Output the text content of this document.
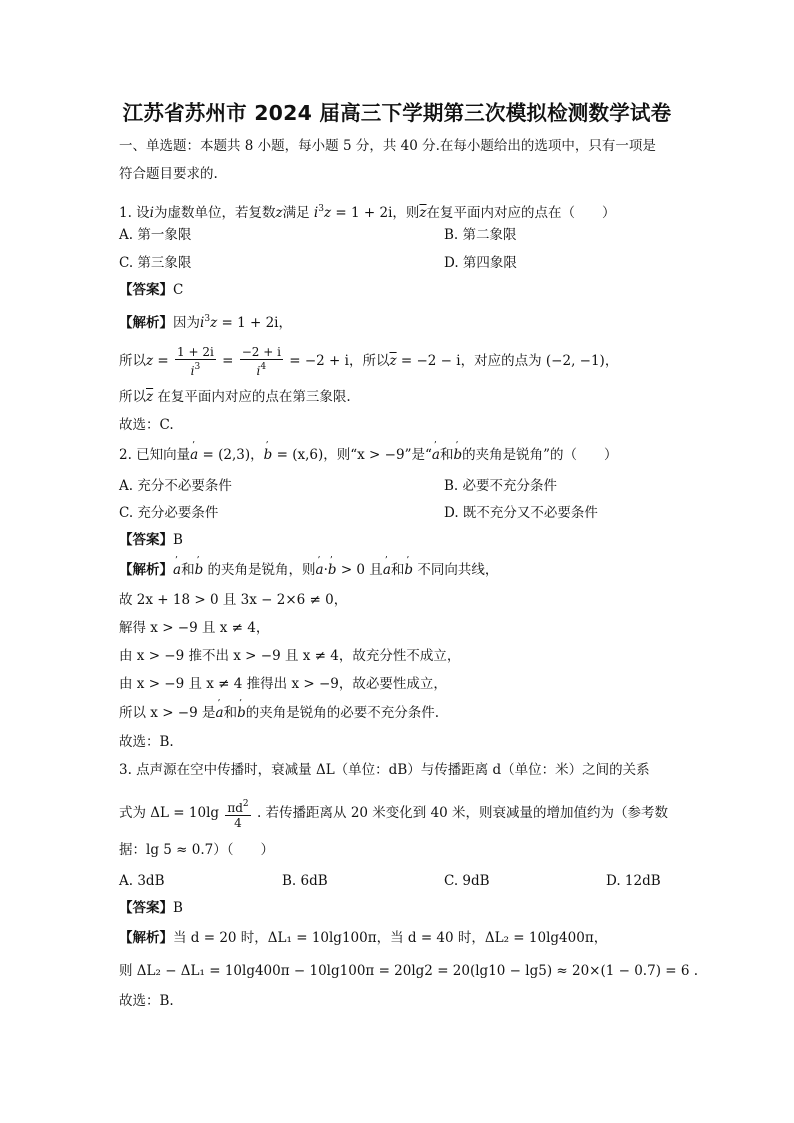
江苏省苏州市 2024 届高三下学期第三次模拟检测数学试卷
一、单选题：本题共 8 小题，每小题 5 分，共 40 分.在每小题给出的选项中，只有一项是
符合题目要求的.
1. 设i为虚数单位，若复数z满足 $i^3z = 1 + 2i$，则$\overline{z}$在复平面内对应的点在（　　）
A. 第一象限	B. 第二象限
C. 第三象限	D. 第四象限
【答案】C
【解析】因为$i^3z = 1 + 2i$，
所以$z = \frac{1 + 2i}{i^3} = \frac{-2 + i}{i^4} = -2 + i$，所以$\overline{z} = -2 - i$，对应的点为 (−2, −1)，
所以$\overline{z}$ 在复平面内对应的点在第三象限.
故选：C.
2. 已知向量’ a = (2,3)，’ b = (x,6)，则“x > −9”是“’ a和’ b的夹角是锐角”的（　　）
A. 充分不必要条件	B. 必要不充分条件
C. 充分必要条件	D. 既不充分又不必要条件
【答案】B
【解析】’ a和’ b 的夹角是锐角，则’ a·’ b > 0 且’ a和’ b 不同向共线，
故 2x + 18 > 0 且 3x − 2×6 ≠ 0，
解得 x > −9 且 x ≠ 4，
由 x > −9 推不出 x > −9 且 x ≠ 4，故充分性不成立，
由 x > −9 且 x ≠ 4 推得出 x > −9，故必要性成立，
所以 x > −9 是’ a和’ b的夹角是锐角的必要不充分条件.
故选：B.
3. 点声源在空中传播时，衰减量 ΔL（单位：dB）与传播距离 d（单位：米）之间的关系
式为 $\Delta L = 10\lg \frac{\pi d^2}{4}$ . 若传播距离从 20 米变化到 40 米，则衰减量的增加值约为（参考数
据：lg 5 ≈ 0.7）（　　）
A. 3dB	B. 6dB	C. 9dB	D. 12dB
【答案】B
【解析】当 d = 20 时，ΔL₁ = 10lg100π，当 d = 40 时，ΔL₂ = 10lg400π，
则 ΔL₂ − ΔL₁ = 10lg400π − 10lg100π = 20lg2 = 20(lg10 − lg5) ≈ 20×(1 − 0.7) = 6 .
故选：B.
